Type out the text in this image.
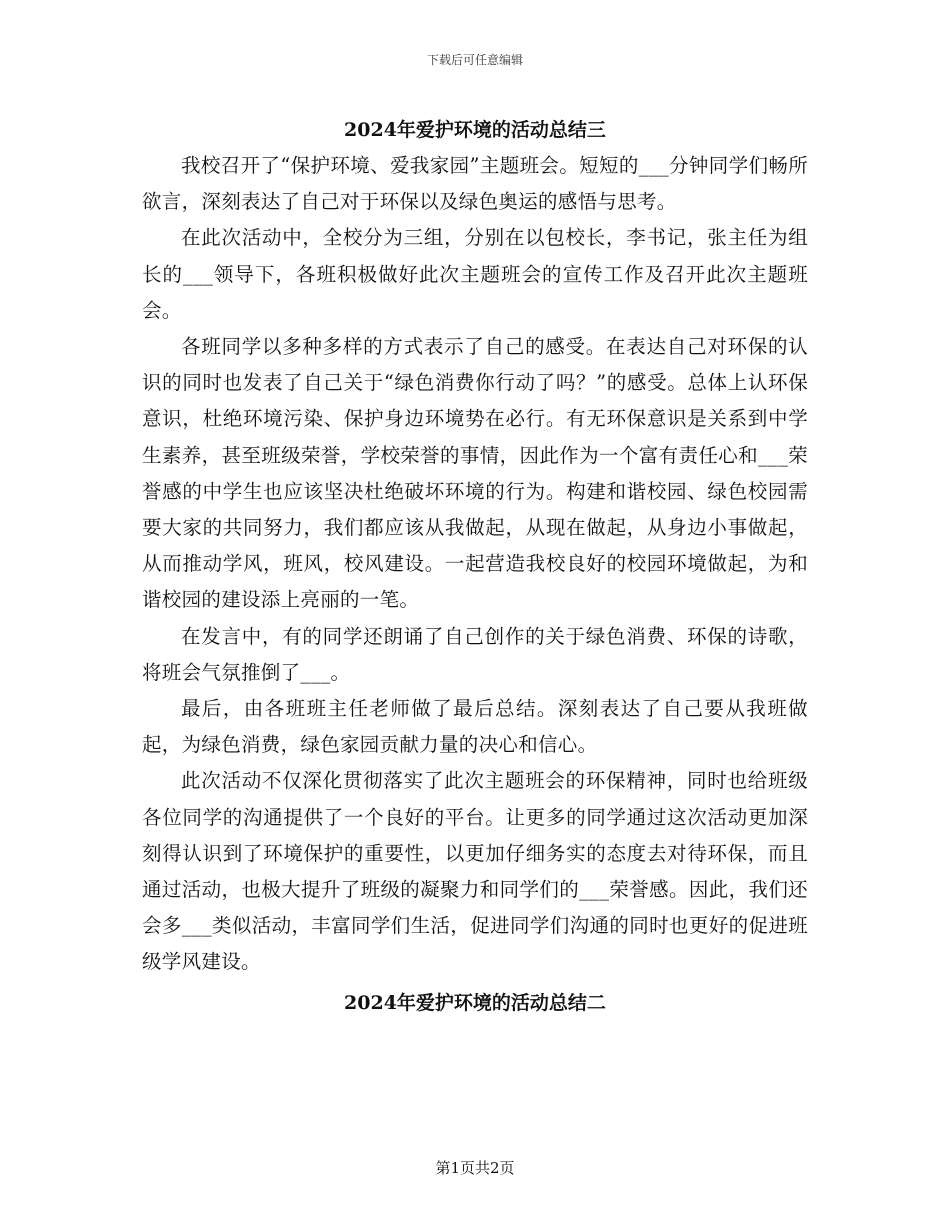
下载后可任意编辑
2024年爱护环境的活动总结三

我校召开了“保护环境、爱我家园”主题班会。短短的___分钟同学们畅所欲言，深刻表达了自己对于环保以及绿色奥运的感悟与思考。

在此次活动中，全校分为三组，分别在以包校长，李书记，张主任为组长的___领导下，各班积极做好此次主题班会的宣传工作及召开此次主题班会。

各班同学以多种多样的方式表示了自己的感受。在表达自己对环保的认识的同时也发表了自己关于“绿色消费你行动了吗？”的感受。总体上认环保意识，杜绝环境污染、保护身边环境势在必行。有无环保意识是关系到中学生素养，甚至班级荣誉，学校荣誉的事情，因此作为一个富有责任心和___荣誉感的中学生也应该坚决杜绝破坏环境的行为。构建和谐校园、绿色校园需要大家的共同努力，我们都应该从我做起，从现在做起，从身边小事做起，从而推动学风，班风，校风建设。一起营造我校良好的校园环境做起，为和谐校园的建设添上亮丽的一笔。

在发言中，有的同学还朗诵了自己创作的关于绿色消费、环保的诗歌，将班会气氛推倒了___。

最后，由各班班主任老师做了最后总结。深刻表达了自己要从我班做起，为绿色消费，绿色家园贡献力量的决心和信心。

此次活动不仅深化贯彻落实了此次主题班会的环保精神，同时也给班级各位同学的沟通提供了一个良好的平台。让更多的同学通过这次活动更加深刻得认识到了环境保护的重要性，以更加仔细务实的态度去对待环保，而且通过活动，也极大提升了班级的凝聚力和同学们的___荣誉感。因此，我们还会多___类似活动，丰富同学们生活，促进同学们沟通的同时也更好的促进班级学风建设。

2024年爱护环境的活动总结二
第1页共2页
